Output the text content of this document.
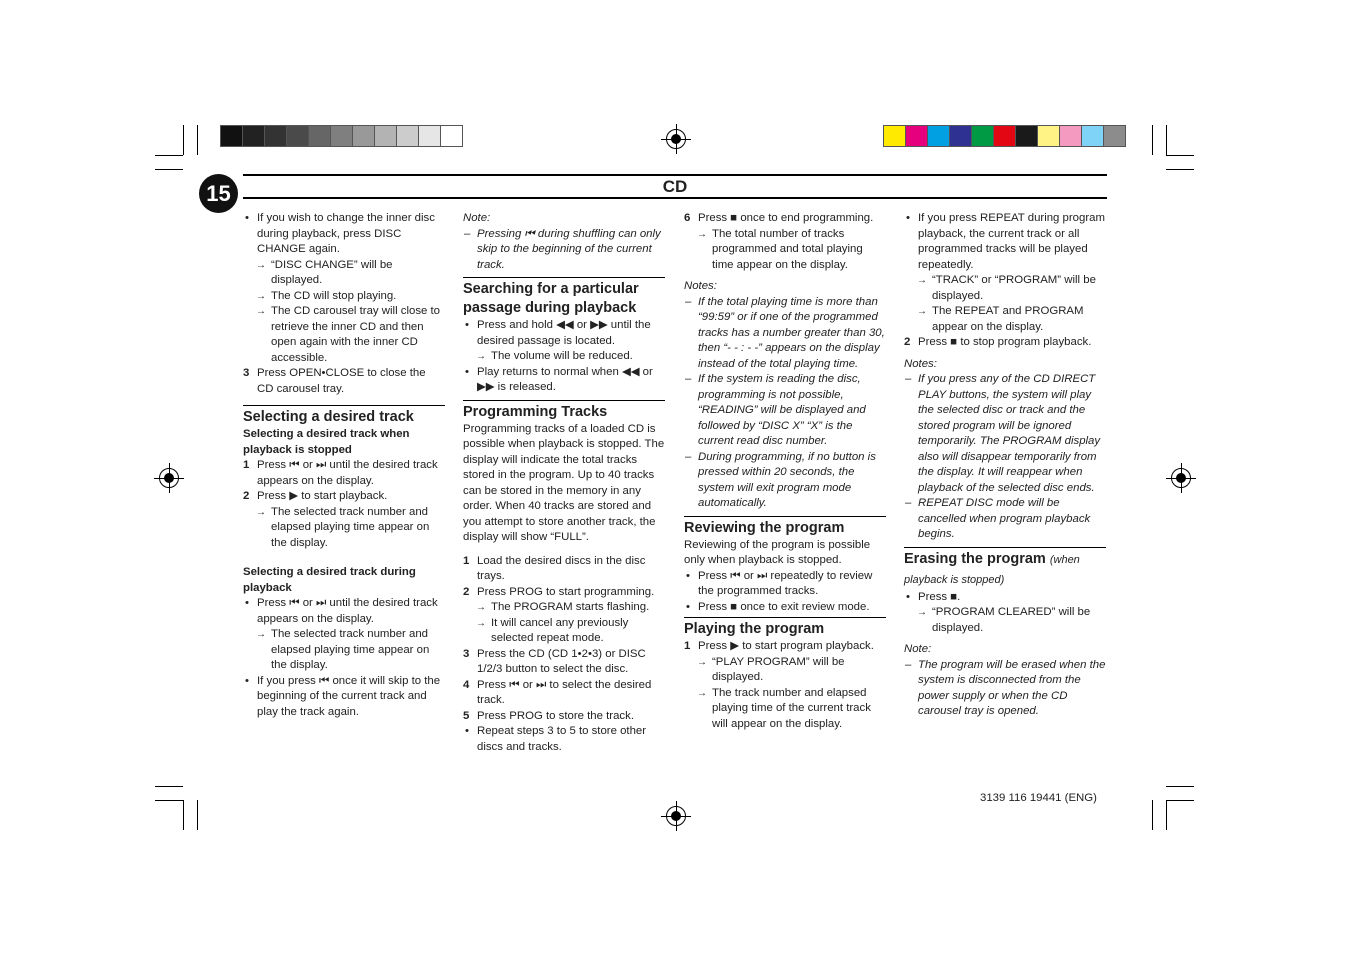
15	CD

• If you wish to change the inner disc during playback, press DISC CHANGE again.

→ “DISC CHANGE” will be displayed.

→ The CD will stop playing.

→ The CD carousel tray will close to retrieve the inner CD and then open again with the inner CD accessible.

3 Press OPEN•CLOSE to close the CD carousel tray.

Selecting a desired track

Selecting a desired track when playback is stopped

1 Press ⏮ or ⏭ until the desired track appears on the display.

2 Press ▶ to start playback.

→ The selected track number and elapsed playing time appear on the display.

Selecting a desired track during playback

• Press ⏮ or ⏭ until the desired track appears on the display.

→ The selected track number and elapsed playing time appear on the display.

• If you press ⏮ once it will skip to the beginning of the current track and play the track again.

Note:

– Pressing ⏮ during shuffling can only skip to the beginning of the current track.

Searching for a particular passage during playback

• Press and hold ◀◀ or ▶▶ until the desired passage is located.

→ The volume will be reduced.

• Play returns to normal when ◀◀ or ▶▶ is released.

Programming Tracks

Programming tracks of a loaded CD is possible when playback is stopped. The display will indicate the total tracks stored in the program. Up to 40 tracks can be stored in the memory in any order. When 40 tracks are stored and you attempt to store another track, the display will show “FULL”.

1 Load the desired discs in the disc trays.

2 Press PROG to start programming.

→ The PROGRAM starts flashing.

→ It will cancel any previously selected repeat mode.

3 Press the CD (CD 1•2•3) or DISC 1/2/3 button to select the disc.

4 Press ⏮ or ⏭ to select the desired track.

5 Press PROG to store the track.

• Repeat steps 3 to 5 to store other discs and tracks.

6 Press ■ once to end programming.

→ The total number of tracks programmed and total playing time appear on the display.

Notes:

– If the total playing time is more than “99:59” or if one of the programmed tracks has a number greater than 30, then “- - : - -” appears on the display instead of the total playing time.

– If the system is reading the disc, programming is not possible, “READING” will be displayed and followed by “DISC X” “X” is the current read disc number.

– During programming, if no button is pressed within 20 seconds, the system will exit program mode automatically.

Reviewing the program

Reviewing of the program is possible only when playback is stopped.

• Press ⏮ or ⏭ repeatedly to review the programmed tracks.

• Press ■ once to exit review mode.

Playing the program

1 Press ▶ to start program playback.

→ “PLAY PROGRAM” will be displayed.

→ The track number and elapsed playing time of the current track will appear on the display.

• If you press REPEAT during program playback, the current track or all programmed tracks will be played repeatedly.

→ “TRACK” or “PROGRAM” will be displayed.

→ The REPEAT and PROGRAM appear on the display.

2 Press ■ to stop program playback.

Notes:

– If you press any of the CD DIRECT PLAY buttons, the system will play the selected disc or track and the stored program will be ignored temporarily. The PROGRAM display also will disappear temporarily from the display. It will reappear when playback of the selected disc ends.

– REPEAT DISC mode will be cancelled when program playback begins.

Erasing the program (when playback is stopped)

• Press ■.

→ “PROGRAM CLEARED” will be displayed.

Note:

– The program will be erased when the system is disconnected from the power supply or when the CD carousel tray is opened.

3139 116 19441 (ENG)
